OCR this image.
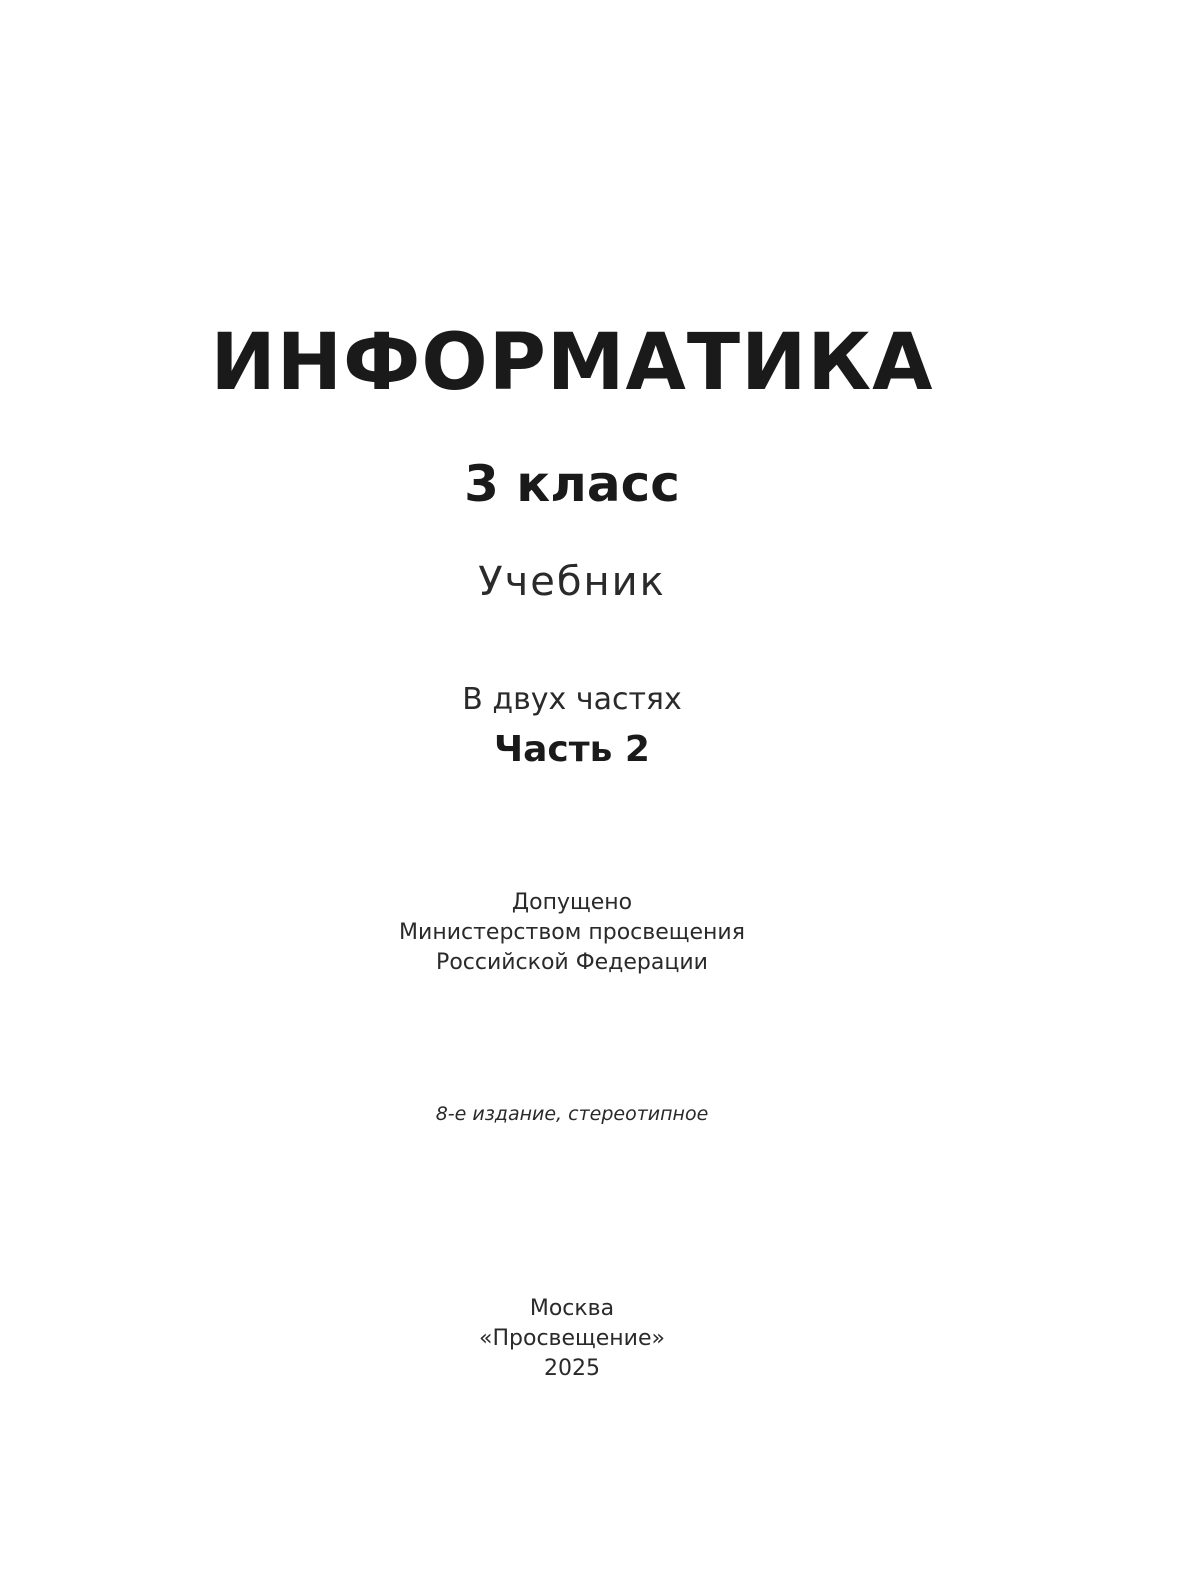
ИНФОРМАТИКА
3 класс
Учебник
В двух частях
Часть 2
Допущено
Министерством просвещения
Российской Федерации
8-е издание, стереотипное
Москва
«Просвещение»
2025
